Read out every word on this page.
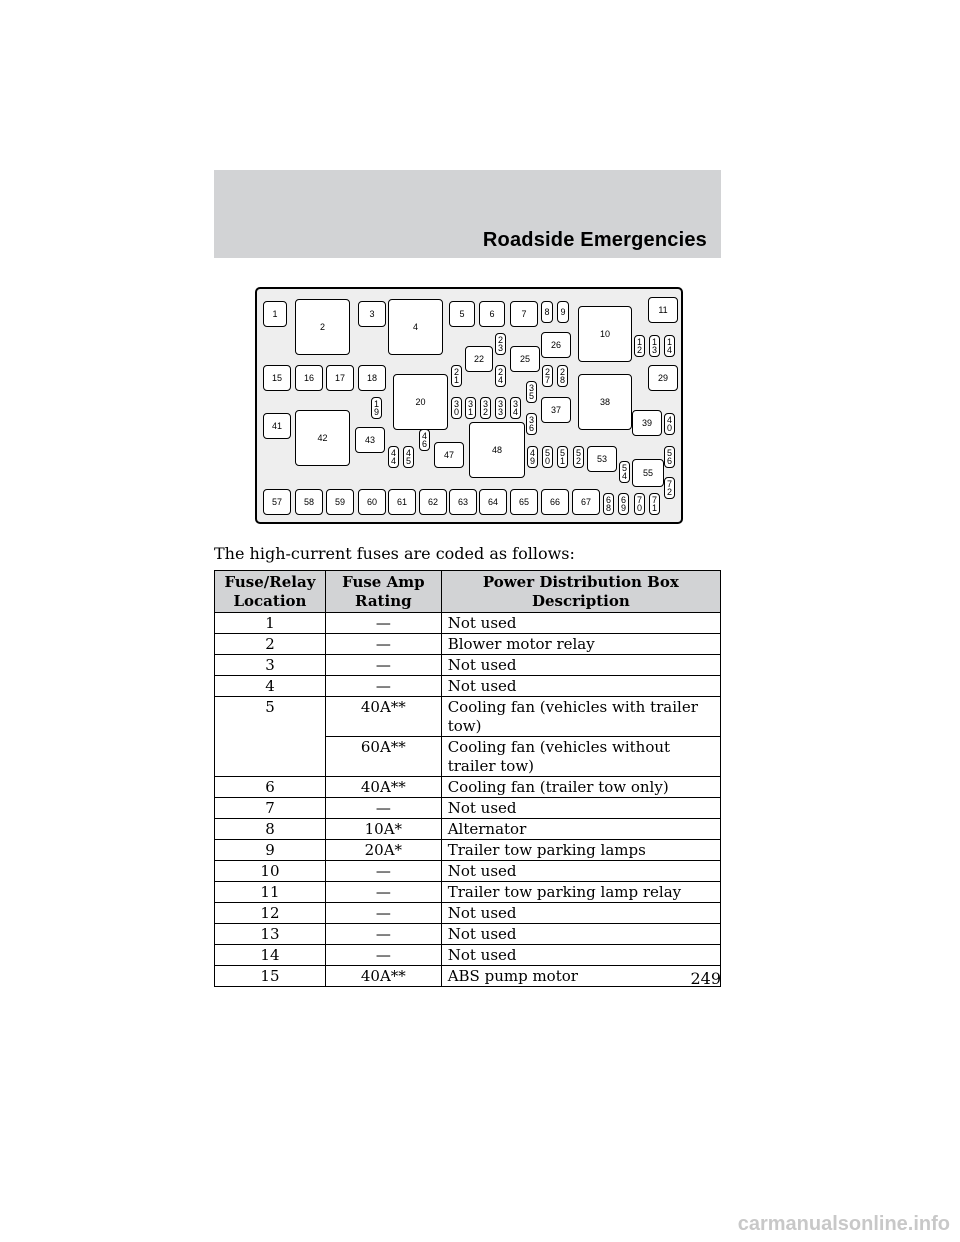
Roadside Emergencies
1
2
3
4
5	6	7 8 9
10
11
1
2
1
3
1
4
15 16 17 18
1
9
20
2
1
22
2
3
2
4
25
26
2
7
2
8	29
3
0
3
1
3
2
3
3
3
4
3
5
3
6
37
38
39 4
0
41
42	43
4
4
4
5
4
6
47	48	4
9
5
0
5
1
5
2 53
5
4 55
5
6
57 58 59 60 61 62 63 64 65 66 67 6
8
6
9
7
0
7
1
7
2
The high-current fuses are coded as follows:
Fuse/Relay Location	Fuse Amp Rating	Power Distribution Box Description
1	—	Not used
2	—	Blower motor relay
3	—	Not used
4	—	Not used
5	40A**	Cooling fan (vehicles with trailer tow)
	60A**	Cooling fan (vehicles without trailer tow)
6	40A**	Cooling fan (trailer tow only)
7	—	Not used
8	10A*	Alternator
9	20A*	Trailer tow parking lamps
10	—	Not used
11	—	Trailer tow parking lamp relay
12	—	Not used
13	—	Not used
14	—	Not used
15	40A**	ABS pump motor	249
carmanualsonline.info
